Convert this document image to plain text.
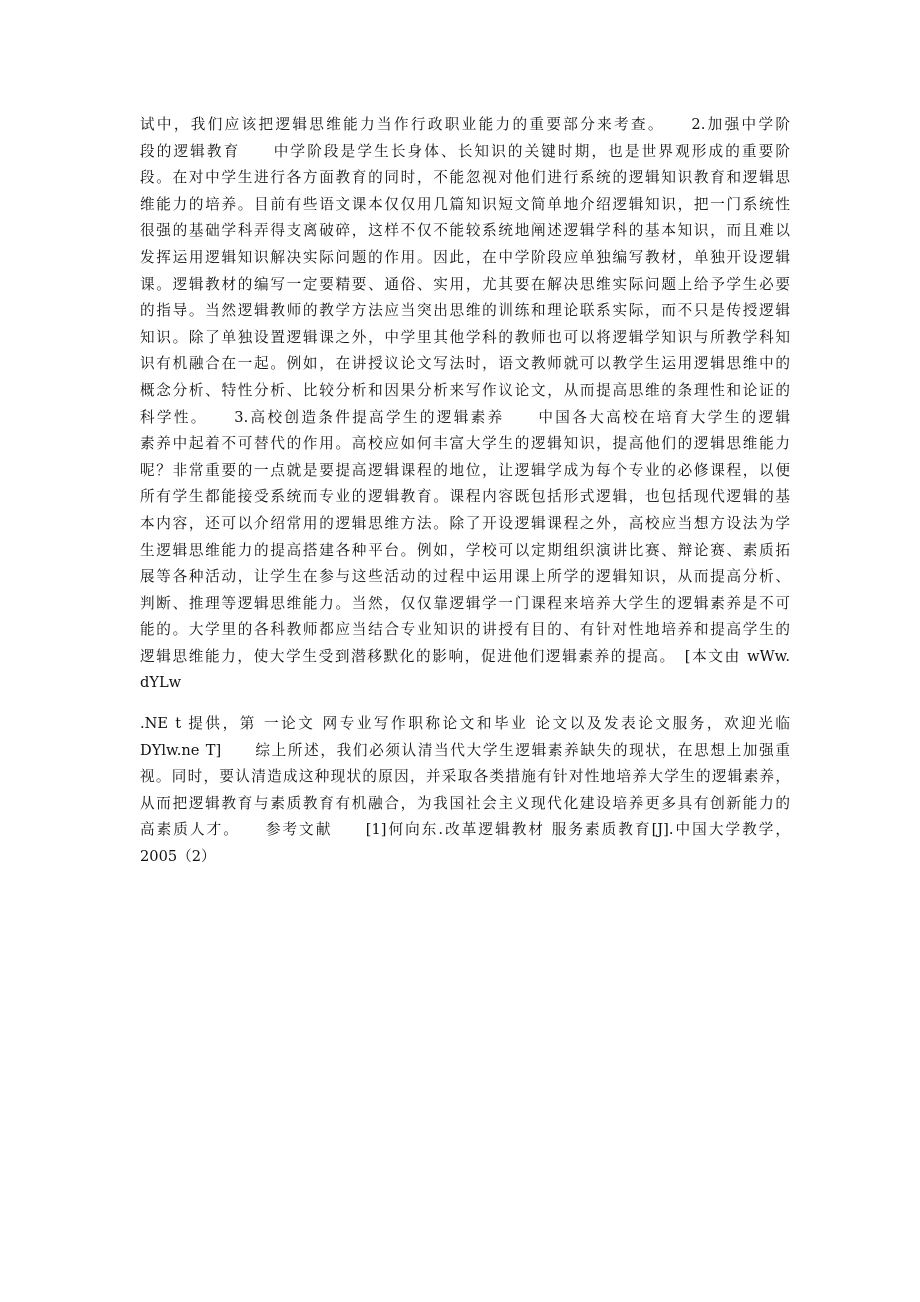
试中，我们应该把逻辑思维能力当作行政职业能力的重要部分来考查。　　2.加强中学阶
段的逻辑教育　　中学阶段是学生长身体、长知识的关键时期，也是世界观形成的重要阶
段。在对中学生进行各方面教育的同时，不能忽视对他们进行系统的逻辑知识教育和逻辑思
维能力的培养。目前有些语文课本仅仅用几篇知识短文简单地介绍逻辑知识，把一门系统性
很强的基础学科弄得支离破碎，这样不仅不能较系统地阐述逻辑学科的基本知识，而且难以
发挥运用逻辑知识解决实际问题的作用。因此，在中学阶段应单独编写教材，单独开设逻辑
课。逻辑教材的编写一定要精要、通俗、实用，尤其要在解决思维实际问题上给予学生必要
的指导。当然逻辑教师的教学方法应当突出思维的训练和理论联系实际，而不只是传授逻辑
知识。除了单独设置逻辑课之外，中学里其他学科的教师也可以将逻辑学知识与所教学科知
识有机融合在一起。例如，在讲授议论文写法时，语文教师就可以教学生运用逻辑思维中的
概念分析、特性分析、比较分析和因果分析来写作议论文，从而提高思维的条理性和论证的
科学性。　　3.高校创造条件提高学生的逻辑素养　　中国各大高校在培育大学生的逻辑
素养中起着不可替代的作用。高校应如何丰富大学生的逻辑知识，提高他们的逻辑思维能力
呢？非常重要的一点就是要提高逻辑课程的地位，让逻辑学成为每个专业的必修课程，以便
所有学生都能接受系统而专业的逻辑教育。课程内容既包括形式逻辑，也包括现代逻辑的基
本内容，还可以介绍常用的逻辑思维方法。除了开设逻辑课程之外，高校应当想方设法为学
生逻辑思维能力的提高搭建各种平台。例如，学校可以定期组织演讲比赛、辩论赛、素质拓
展等各种活动，让学生在参与这些活动的过程中运用课上所学的逻辑知识，从而提高分析、
判断、推理等逻辑思维能力。当然，仅仅靠逻辑学一门课程来培养大学生的逻辑素养是不可
能的。大学里的各科教师都应当结合专业知识的讲授有目的、有针对性地培养和提高学生的
逻辑思维能力，使大学生受到潜移默化的影响，促进他们逻辑素养的提高。　[本文由 wWw.
dYLw
.NE t 提供，第 一论文 网专业写作职称论文和毕业 论文以及发表论文服务，欢迎光临
DYlw.ne T]　　综上所述，我们必须认清当代大学生逻辑素养缺失的现状，在思想上加强重
视。同时，要认清造成这种现状的原因，并采取各类措施有针对性地培养大学生的逻辑素养，
从而把逻辑教育与素质教育有机融合，为我国社会主义现代化建设培养更多具有创新能力的
高素质人才。　　参考文献　　[1]何向东.改革逻辑教材 服务素质教育[J].中国大学教学，
2005（2）
